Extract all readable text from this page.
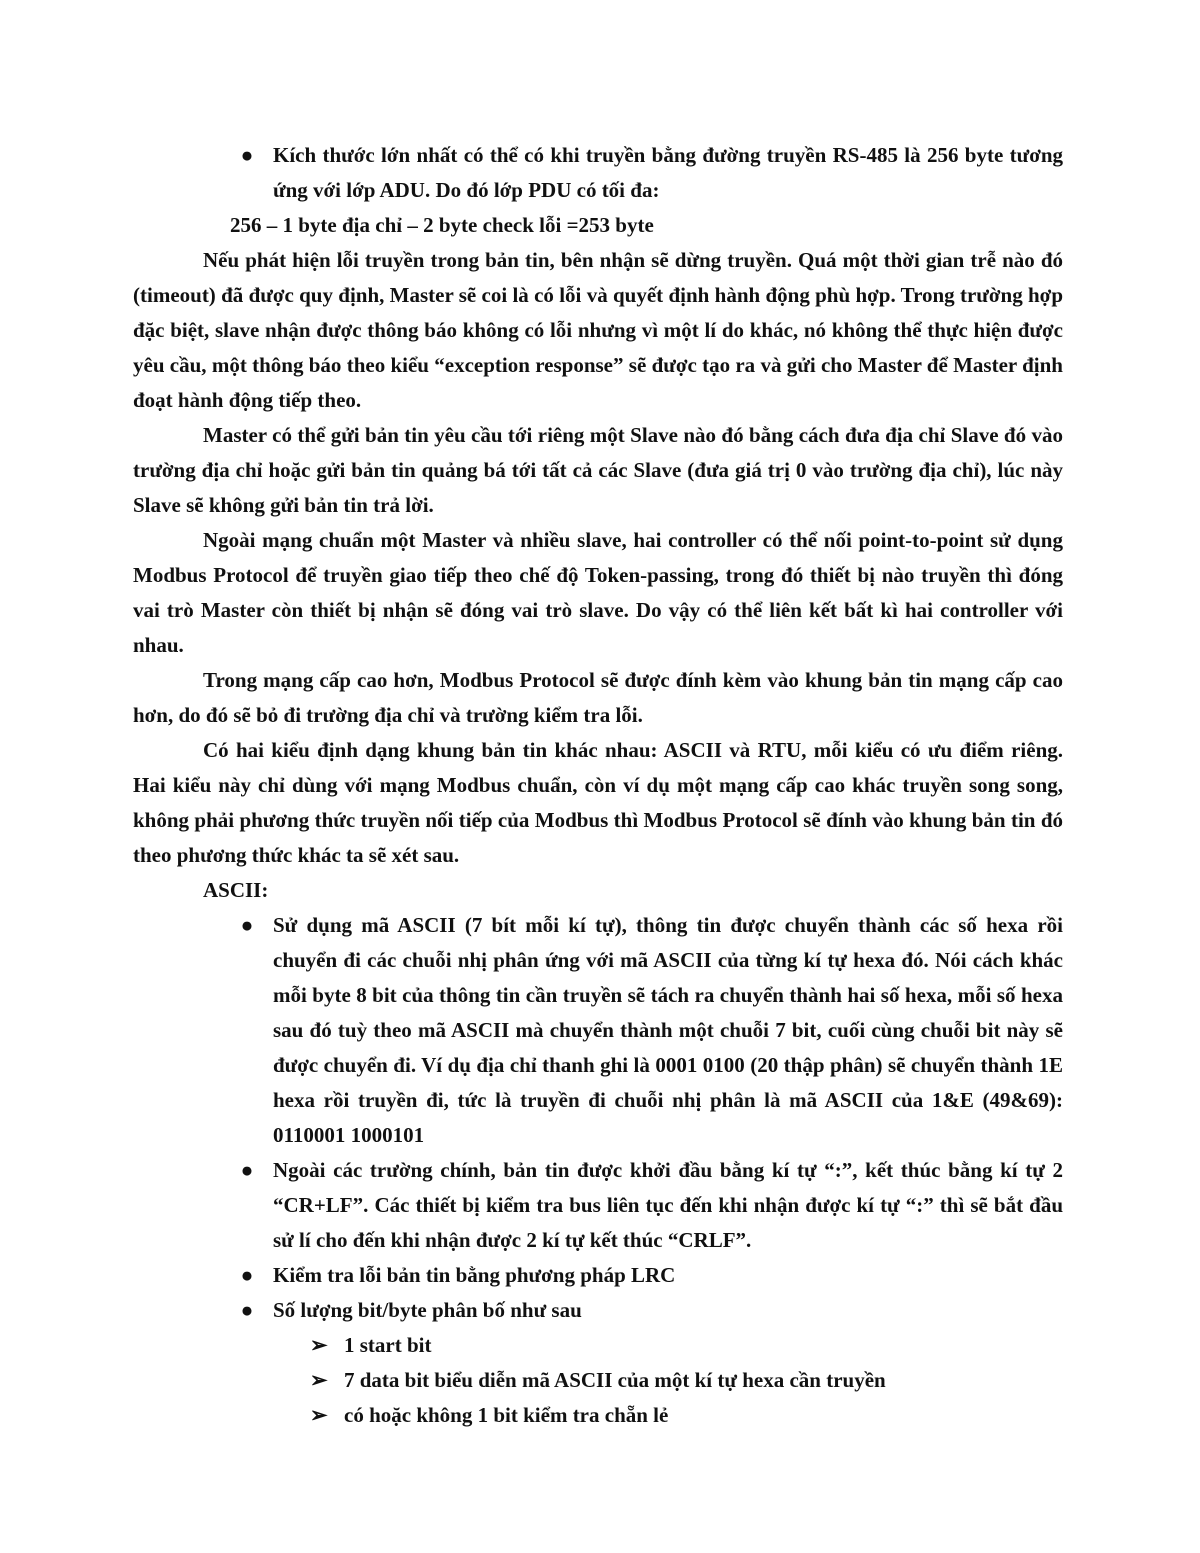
● Kích thước lớn nhất có thể có khi truyền bằng đường truyền RS-485 là 256 byte tương ứng với lớp ADU. Do đó lớp PDU có tối đa:
256 – 1 byte địa chỉ – 2 byte check lỗi =253 byte

Nếu phát hiện lỗi truyền trong bản tin, bên nhận sẽ dừng truyền. Quá một thời gian trễ nào đó (timeout) đã được quy định, Master sẽ coi là có lỗi và quyết định hành động phù hợp. Trong trường hợp đặc biệt, slave nhận được thông báo không có lỗi nhưng vì một lí do khác, nó không thể thực hiện được yêu cầu, một thông báo theo kiểu “exception response” sẽ được tạo ra và gửi cho Master để Master định đoạt hành động tiếp theo.

Master có thể gửi bản tin yêu cầu tới riêng một Slave nào đó bằng cách đưa địa chỉ Slave đó vào trường địa chỉ hoặc gửi bản tin quảng bá tới tất cả các Slave (đưa giá trị 0 vào trường địa chỉ), lúc này Slave sẽ không gửi bản tin trả lời.

Ngoài mạng chuẩn một Master và nhiều slave, hai controller có thể nối point-to-point sử dụng Modbus Protocol để truyền giao tiếp theo chế độ Token-passing, trong đó thiết bị nào truyền thì đóng vai trò Master còn thiết bị nhận sẽ đóng vai trò slave. Do vậy có thể liên kết bất kì hai controller với nhau.

Trong mạng cấp cao hơn, Modbus Protocol sẽ được đính kèm vào khung bản tin mạng cấp cao hơn, do đó sẽ bỏ đi trường địa chỉ và trường kiểm tra lỗi.

Có hai kiểu định dạng khung bản tin khác nhau: ASCII và RTU, mỗi kiểu có ưu điểm riêng. Hai kiểu này chỉ dùng với mạng Modbus chuẩn, còn ví dụ một mạng cấp cao khác truyền song song, không phải phương thức truyền nối tiếp của Modbus thì Modbus Protocol sẽ đính vào khung bản tin đó theo phương thức khác ta sẽ xét sau.

ASCII:
● Sử dụng mã ASCII (7 bít mỗi kí tự), thông tin được chuyển thành các số hexa rồi chuyển đi các chuỗi nhị phân ứng với mã ASCII của từng kí tự hexa đó. Nói cách khác mỗi byte 8 bit của thông tin cần truyền sẽ tách ra chuyển thành hai số hexa, mỗi số hexa sau đó tuỳ theo mã ASCII mà chuyển thành một chuỗi 7 bit, cuối cùng chuỗi bit này sẽ được chuyển đi. Ví dụ địa chỉ thanh ghi là 0001 0100 (20 thập phân) sẽ chuyển thành 1E hexa rồi truyền đi, tức là truyền đi chuỗi nhị phân là mã ASCII của 1&E (49&69): 0110001 1000101
● Ngoài các trường chính, bản tin được khởi đầu bằng kí tự “:”, kết thúc bằng kí tự 2 “CR+LF”. Các thiết bị kiểm tra bus liên tục đến khi nhận được kí tự “:” thì sẽ bắt đầu sử lí cho đến khi nhận được 2 kí tự kết thúc “CRLF”.
● Kiểm tra lỗi bản tin bằng phương pháp LRC
● Số lượng bit/byte phân bố như sau
➢ 1 start bit
➢ 7 data bit biểu diễn mã ASCII của một kí tự hexa cần truyền
➢ có hoặc không 1 bit kiểm tra chẵn lẻ
